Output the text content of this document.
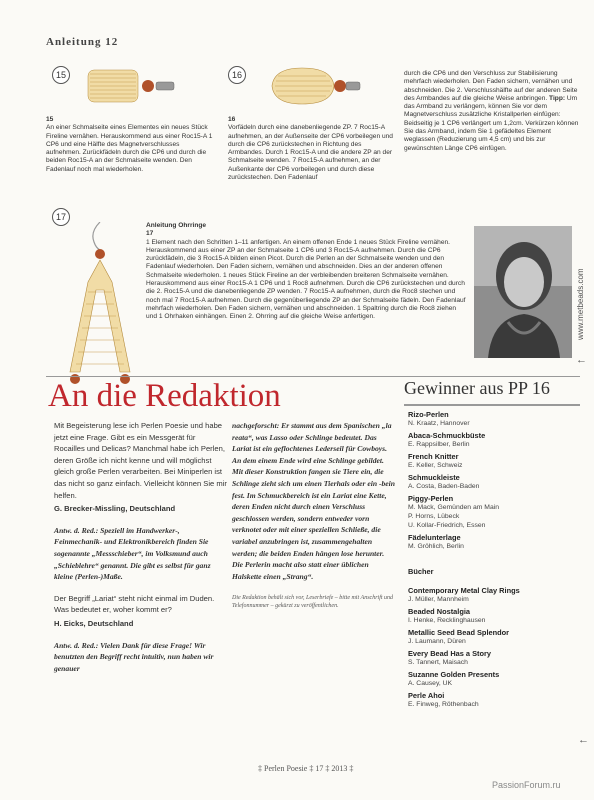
Anleitung 12
15
15
An einer Schmalseite eines Elementes ein neues Stück Fireline vernähen. Herauskommend aus einer Roc15-A 1 CP6 und eine Hälfte des Magnetverschlusses aufnehmen. Zurückfädeln durch die CP6 und durch die beiden Roc15-A an der Schmalseite wenden. Den Fadenlauf noch mal wiederholen.
16
16
Vorfädeln durch eine danebenliegende ZP. 7 Roc15-A aufnehmen, an der Außenseite der CP6 vorbeilegen und durch die CP6 zurückstechen in Richtung des Armbandes. Durch 1 Roc15-A und die andere ZP an der Schmalseite wenden. 7 Roc15-A aufnehmen, an der Außenkante der CP6 vorbeilegen und durch diese zurückstechen. Den Fadenlauf
durch die CP6 und den Verschluss zur Stabilisierung mehrfach wiederholen. Den Faden sichern, vernähen und abschneiden. Die 2. Verschlusshälfte auf der anderen Seite des Armbandes auf die gleiche Weise anbringen. Tipp: Um das Armband zu verlängern, können Sie vor dem Magnetverschluss zusätzliche Kristallperlen einfügen: Beidseitig je 1 CP6 verlängert um 1,2cm. Verkürzen können Sie das Armband, indem Sie 1 gefädeltes Element weglassen (Reduzierung um 4,5 cm) und bis zur gewünschten Länge CP6 einfügen.
17
Anleitung Ohrringe
17
1 Element nach den Schritten 1–11 anfertigen. An einem offenen Ende 1 neues Stück Fireline vernähen. Herauskommend aus einer ZP an der Schmalseite 1 CP6 und 3 Roc15-A aufnehmen. Durch die CP6 zurückfädeln, die 3 Roc15-A bilden einen Picot. Durch die Perlen an der Schmalseite wenden und den Fadenlauf wiederholen. Den Faden sichern, vernähen und abschneiden. Dies an der anderen offenen Schmalseite wiederholen. 1 neues Stück Fireline an der verbleibenden breiteren Schmalseite vernähen. Herauskommend aus einer Roc15-A 1 CP6 und 1 Roc8 aufnehmen. Durch die CP6 zurückstechen und durch die 2. Roc15-A und die danebenliegende ZP wenden. 7 Roc15-A aufnehmen, durch die Roc8 stechen und noch mal 7 Roc15-A aufnehmen. Durch die gegenüberliegende ZP an der Schmalseite fädeln. Den Fadenlauf mehrfach wiederholen. Den Faden sichern, vernähen und abschneiden. 1 Spaltring durch die Roc8 ziehen und 1 Ohrhaken einhängen. Einen 2. Ohrring auf die gleiche Weise anfertigen.	www.metbeads.com
←
An die Redaktion
Mit Begeisterung lese ich Perlen Poesie und habe jetzt eine Frage. Gibt es ein Messgerät für Rocailles und Delicas? Manchmal habe ich Perlen, deren Größe ich nicht kenne und will möglichst gleich große Perlen verarbeiten. Bei Miniperlen ist das nicht so ganz einfach. Vielleicht können Sie mir helfen.
G. Brecker-Missling, Deutschland
Antw. d. Red.: Speziell im Handwerker-, Feinmechanik- und Elektronikbereich finden Sie sogenannte „Messschieber“, im Volksmund auch „Schieblehre“ genannt. Die gibt es selbst für ganz kleine (Perlen-)Maße.
Der Begriff „Lariat“ steht nicht einmal im Duden. Was bedeutet er, woher kommt er?
H. Eicks, Deutschland
Antw. d. Red.: Vielen Dank für diese Frage! Wir benutzten den Begriff recht intuitiv, nun haben wir genauer
nachgeforscht: Er stammt aus dem Spanischen „la reata“, was Lasso oder Schlinge bedeutet. Das Lariat ist ein geflochtenes Lederseil für Cowboys. An dem einem Ende wird eine Schlinge gebildet. Mit dieser Konstruktion fangen sie Tiere ein, die Schlinge zieht sich um einen Tierhals oder ein -bein fest. Im Schmuckbereich ist ein Lariat eine Kette, deren Enden nicht durch einen Verschluss geschlossen werden, sondern entweder vorn verknotet oder mit einer speziellen Schließe, die variabel anzubringen ist, zusammengehalten werden; die beiden Enden hängen lose herunter. Die Perlerin macht also statt einer üblichen Halskette einen „Strang“.
Die Redaktion behält sich vor, Leserbriefe – bitte mit Anschrift und Telefonnummer – gekürzt zu veröffentlichen.
Gewinner aus PP 16
Rizo-Perlen
N. Kraatz, Hannover
Abaca-Schmuckbüste
E. Rappsilber, Berlin
French Knitter
E. Keller, Schweiz
Schmuckleiste
A. Costa, Baden-Baden
Piggy-Perlen
M. Mack, Gemünden am Main
P. Horns, Lübeck
U. Kollar-Friedrich, Essen
Fädelunterlage
M. Gröhlich, Berlin
Bücher
Contemporary Metal Clay Rings
J. Müller, Mannheim
Beaded Nostalgia
I. Henke, Recklinghausen
Metallic Seed Bead Splendor
J. Laumann, Düren
Every Bead Has a Story
S. Tannert, Maisach
Suzanne Golden Presents
A. Causey, UK
Perle Ahoi
E. Finweg, Röthenbach
←
‡ Perlen Poesie ‡ 17 ‡ 2013 ‡
PassionForum.ru
